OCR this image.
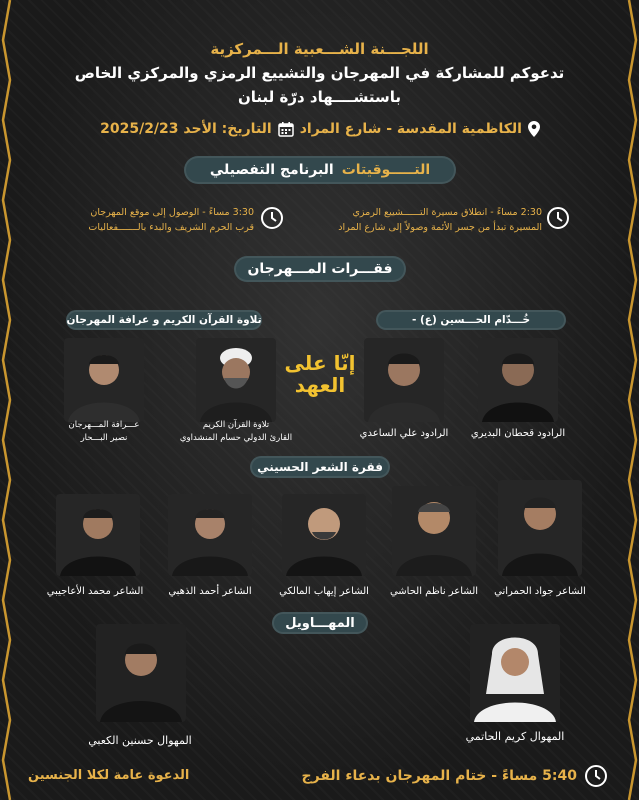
اللجـــنة الشـــعبية الـــمركزية
تدعوكم للمشاركة في المهرجان والتشييع الرمزي والمركزي الخاص
باستشــــهاد درّة لبنان
الكاظمية المقدسة - شارع المراد
التاريخ: الأحد 2025/2/23
التـــــوقيتات
البرنامج التفصيلي
2:30 مساءً - انطلاق مسيرة التــــــشييع الرمزي
المسيرة تبدأ من جسر الأئمة وصولاً إلى شارع المراد
3:30 مساءً - الوصول إلى موقع المهرجان
قرب الحرم الشريف والبدء بالـــــــفعاليات
فقـــرات المـــهرجان
خُـــدّام الحـــسين (ع) -
تلاوة القرآن الكريم و عرافة المهرجان
إنّا على العهد
الرادود قحطان البديري
الرادود علي الساعدي
تلاوة القرآن الكريم
القارئ الدولي حسام المنشداوي
عـــرافة المـــهرجان
نصير البـــحار
فقرة الشعر الحسيني
الشاعر جواد الحمراني
الشاعر ناظم الحاشي
الشاعر إيهاب المالكي
الشاعر أحمد الذهبي
الشاعر محمد الأعاجيبي
المهـــاويل
المهوال كريم الحاتمي
المهوال حسنين الكعبي
5:40 مساءً - ختام المهرجان بدعاء الفرج
الدعوة عامة لكلا الجنسين
